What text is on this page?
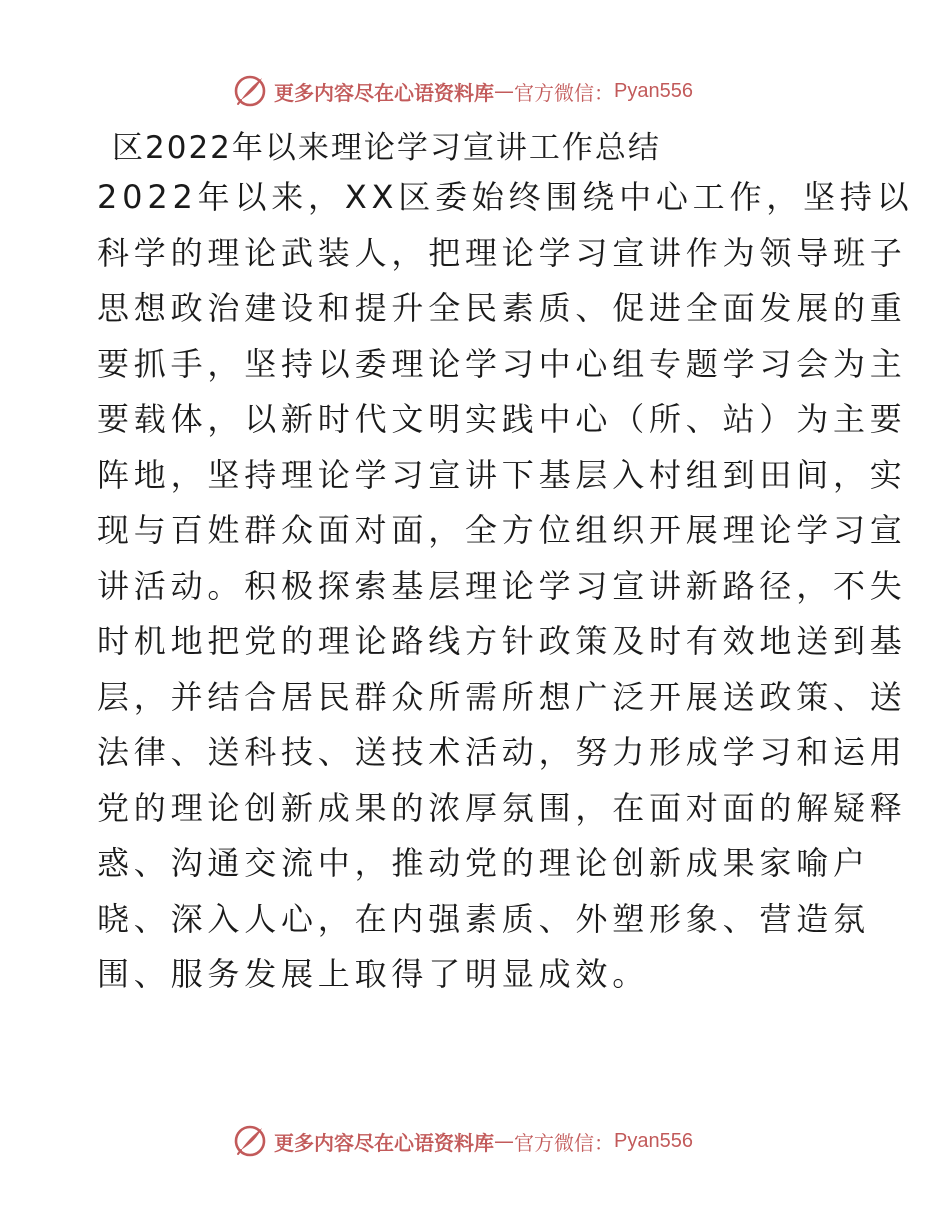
更多内容尽在心语资料库 — 官方微信： Pyan556
区2022年以来理论学习宣讲工作总结
2022年以来，XX区委始终围绕中心工作，坚持以
科学的理论武装人，把理论学习宣讲作为领导班子
思想政治建设和提升全民素质、促进全面发展的重
要抓手，坚持以委理论学习中心组专题学习会为主
要载体，以新时代文明实践中心（所、站）为主要
阵地，坚持理论学习宣讲下基层入村组到田间，实
现与百姓群众面对面，全方位组织开展理论学习宣
讲活动。积极探索基层理论学习宣讲新路径，不失
时机地把党的理论路线方针政策及时有效地送到基
层，并结合居民群众所需所想广泛开展送政策、送
法律、送科技、送技术活动，努力形成学习和运用
党的理论创新成果的浓厚氛围，在面对面的解疑释
惑、沟通交流中，推动党的理论创新成果家喻户
晓、深入人心，在内强素质、外塑形象、营造氛
围、服务发展上取得了明显成效。
更多内容尽在心语资料库 — 官方微信： Pyan556
